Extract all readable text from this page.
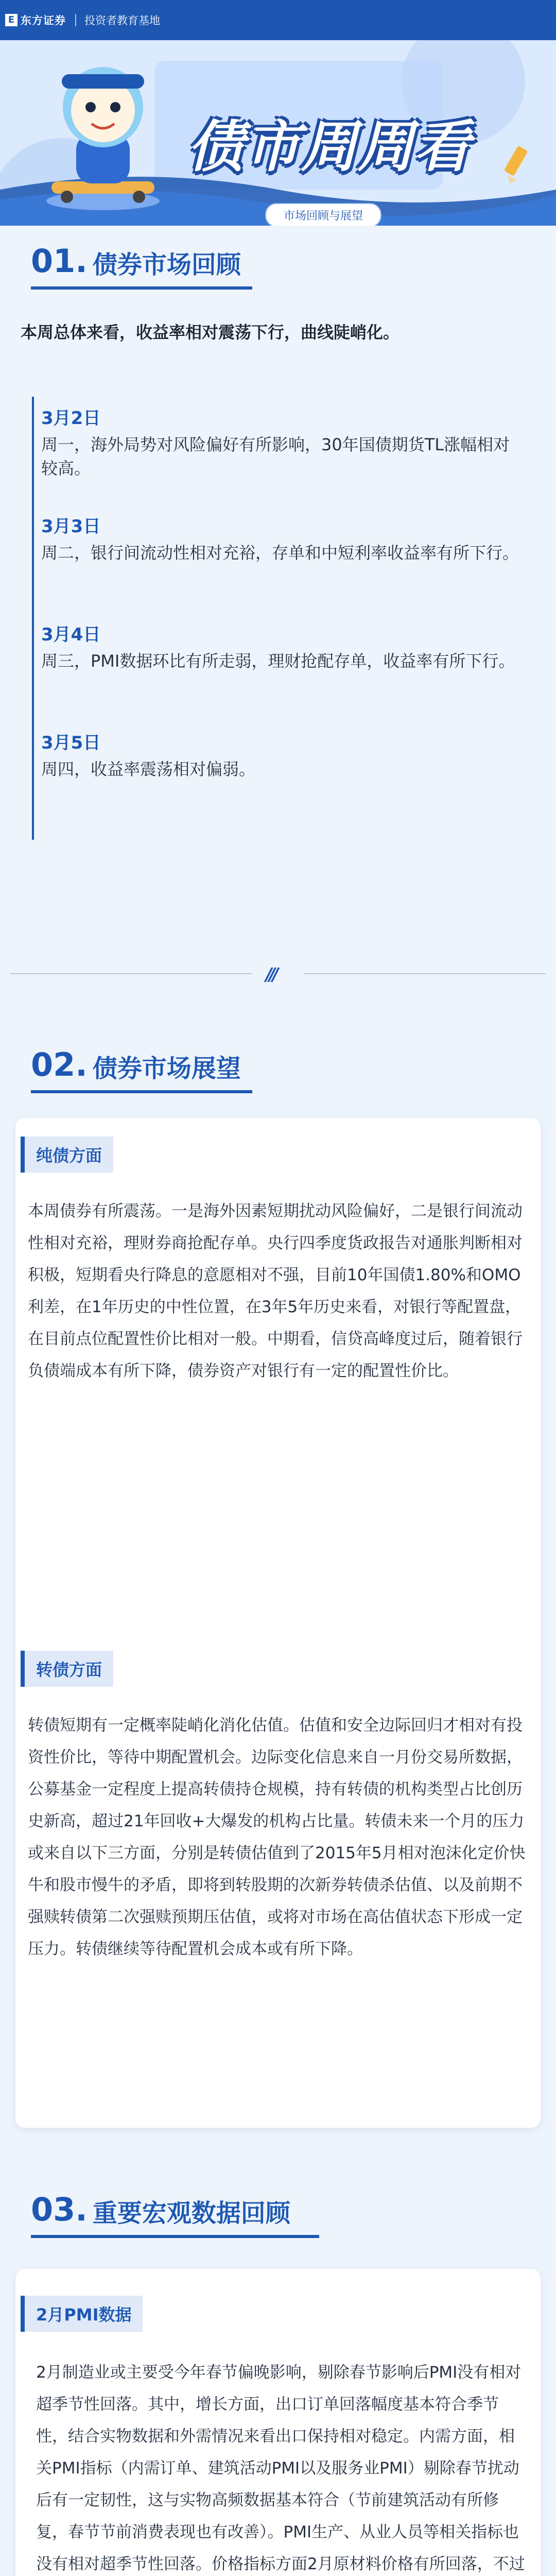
E 东方证券 投资者教育基地
债市周周看
市场回顾与展望
01. 债券市场回顾
本周总体来看，收益率相对震荡下行，曲线陡峭化。
3月2日
周一，海外局势对风险偏好有所影响，30年国债期货TL涨幅相对较高。
3月3日
周二，银行间流动性相对充裕，存单和中短利率收益率有所下行。
3月4日
周三，PMI数据环比有所走弱，理财抢配存单，收益率有所下行。
3月5日
周四，收益率震荡相对偏弱。
///
02. 债券市场展望
纯债方面
本周债券有所震荡。一是海外因素短期扰动风险偏好，二是银行间流动性相对充裕，理财券商抢配存单。央行四季度货政报告对通胀判断相对积极，短期看央行降息的意愿相对不强，目前10年国债1.80%和OMO利差，在1年历史的中性位置，在3年5年历史来看，对银行等配置盘，在目前点位配置性价比相对一般。中期看，信贷高峰度过后，随着银行负债端成本有所下降，债券资产对银行有一定的配置性价比。
转债方面
转债短期有一定概率陡峭化消化估值。估值和安全边际回归才相对有投资性价比，等待中期配置机会。边际变化信息来自一月份交易所数据，公募基金一定程度上提高转债持仓规模，持有转债的机构类型占比创历史新高，超过21年回收+大爆发的机构占比量。转债未来一个月的压力或来自以下三方面，分别是转债估值到了2015年5月相对泡沫化定价快牛和股市慢牛的矛盾，即将到转股期的次新券转债杀估值、以及前期不强赎转债第二次强赎预期压估值，或将对市场在高估值状态下形成一定压力。转债继续等待配置机会成本或有所下降。
03. 重要宏观数据回顾
2月PMI数据
2月制造业或主要受今年春节偏晚影响，剔除春节影响后PMI没有相对超季节性回落。其中，增长方面，出口订单回落幅度基本符合季节性，结合实物数据和外需情况来看出口保持相对稳定。内需方面，相关PMI指标（内需订单、建筑活动PMI以及服务业PMI）剔除春节扰动后有一定韧性，这与实物高频数据基本符合（节前建筑活动有所修复，春节节前消费表现也有改善）。PMI生产、从业人员等相关指标也没有相对超季节性回落。价格指标方面2月原材料价格有所回落，不过
